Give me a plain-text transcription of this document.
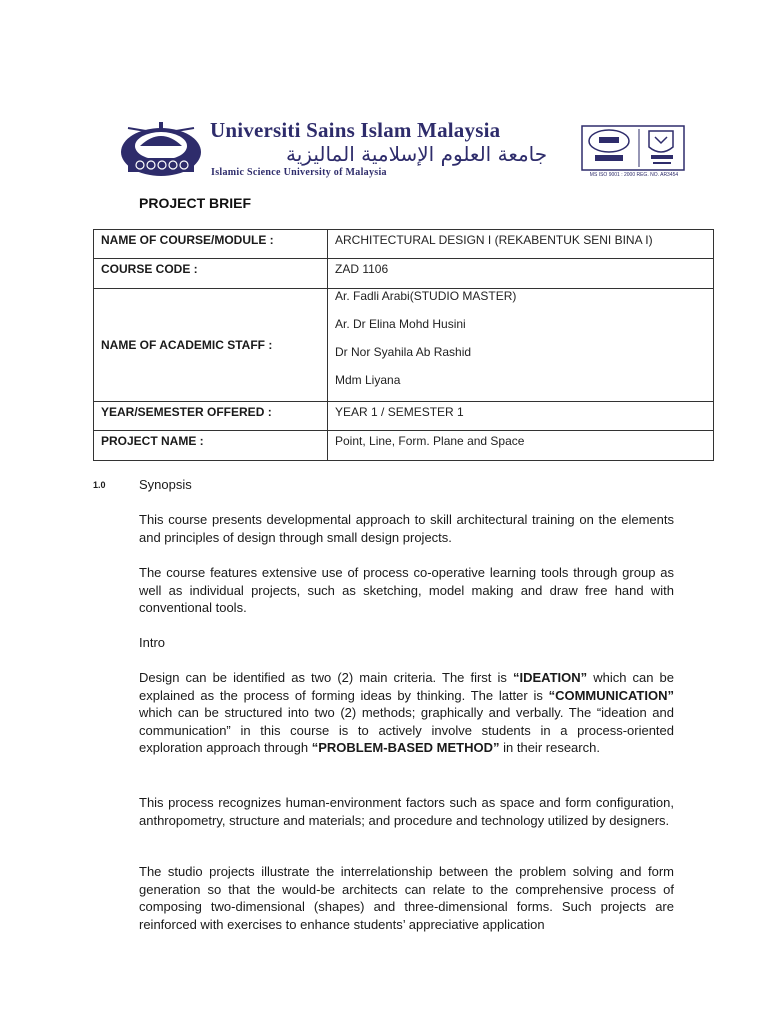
Universiti Sains Islam Malaysia
جامعة العلوم الإسلامية الماليزية
Islamic Science University of Malaysia	MS ISO 9001 : 2000 REG. NO. AR3454
PROJECT BRIEF
NAME OF COURSE/MODULE :	ARCHITECTURAL DESIGN I (REKABENTUK SENI BINA I)

COURSE CODE :	ZAD 1106

NAME OF ACADEMIC STAFF :	Ar. Fadli Arabi(STUDIO MASTER)
Ar. Dr Elina Mohd Husini
Dr Nor Syahila Ab Rashid
Mdm Liyana

YEAR/SEMESTER OFFERED :	YEAR 1 / SEMESTER 1

PROJECT NAME :	Point, Line, Form. Plane and Space
1.0	Synopsis
This course presents developmental approach to skill architectural training on the elements and principles of design through small design projects.
The course features extensive use of process co-operative learning tools through group as well as individual projects, such as sketching, model making and draw free hand with conventional tools.
Intro
Design can be identified as two (2) main criteria. The first is “IDEATION” which can be explained as the process of forming ideas by thinking. The latter is “COMMUNICATION” which can be structured into two (2) methods; graphically and verbally. The “ideation and communication” in this course is to actively involve students in a process-oriented exploration approach through “PROBLEM-BASED METHOD” in their research.
This process recognizes human-environment factors such as space and form configuration, anthropometry, structure and materials; and procedure and technology utilized by designers.
The studio projects illustrate the interrelationship between the problem solving and form generation so that the would-be architects can relate to the comprehensive process of composing two-dimensional (shapes) and three-dimensional forms. Such projects are reinforced with exercises to enhance students’ appreciative application
